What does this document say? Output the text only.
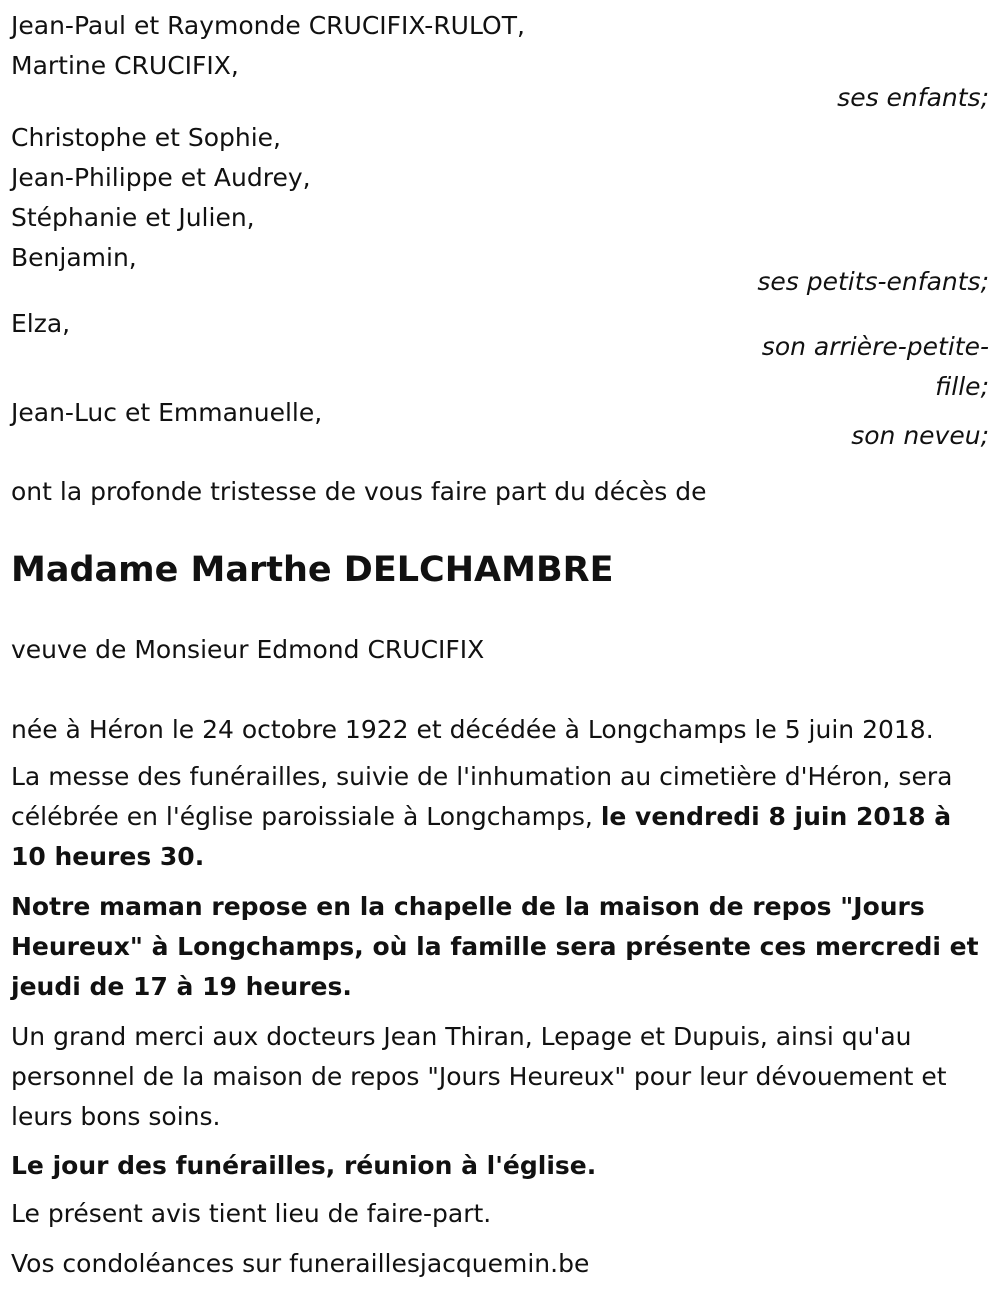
Jean-Paul et Raymonde CRUCIFIX-RULOT,
Martine CRUCIFIX,
ses enfants;
Christophe et Sophie,
Jean-Philippe et Audrey,
Stéphanie et Julien,
Benjamin,
ses petits-enfants;
Elza,
son arrière-petite-
fille;
Jean-Luc et Emmanuelle,
son neveu;
ont la profonde tristesse de vous faire part du décès de
Madame Marthe DELCHAMBRE
veuve de Monsieur Edmond CRUCIFIX
née à Héron le 24 octobre 1922 et décédée à Longchamps le 5 juin 2018.
La messe des funérailles, suivie de l'inhumation au cimetière d'Héron, sera célébrée en l'église paroissiale à Longchamps, le vendredi 8 juin 2018 à 10 heures 30.
Notre maman repose en la chapelle de la maison de repos "Jours Heureux" à Longchamps, où la famille sera présente ces mercredi et jeudi de 17 à 19 heures.
Un grand merci aux docteurs Jean Thiran, Lepage et Dupuis, ainsi qu'au personnel de la maison de repos "Jours Heureux" pour leur dévouement et leurs bons soins.
Le jour des funérailles, réunion à l'église.
Le présent avis tient lieu de faire-part.
Vos condoléances sur funeraillesjacquemin.be
